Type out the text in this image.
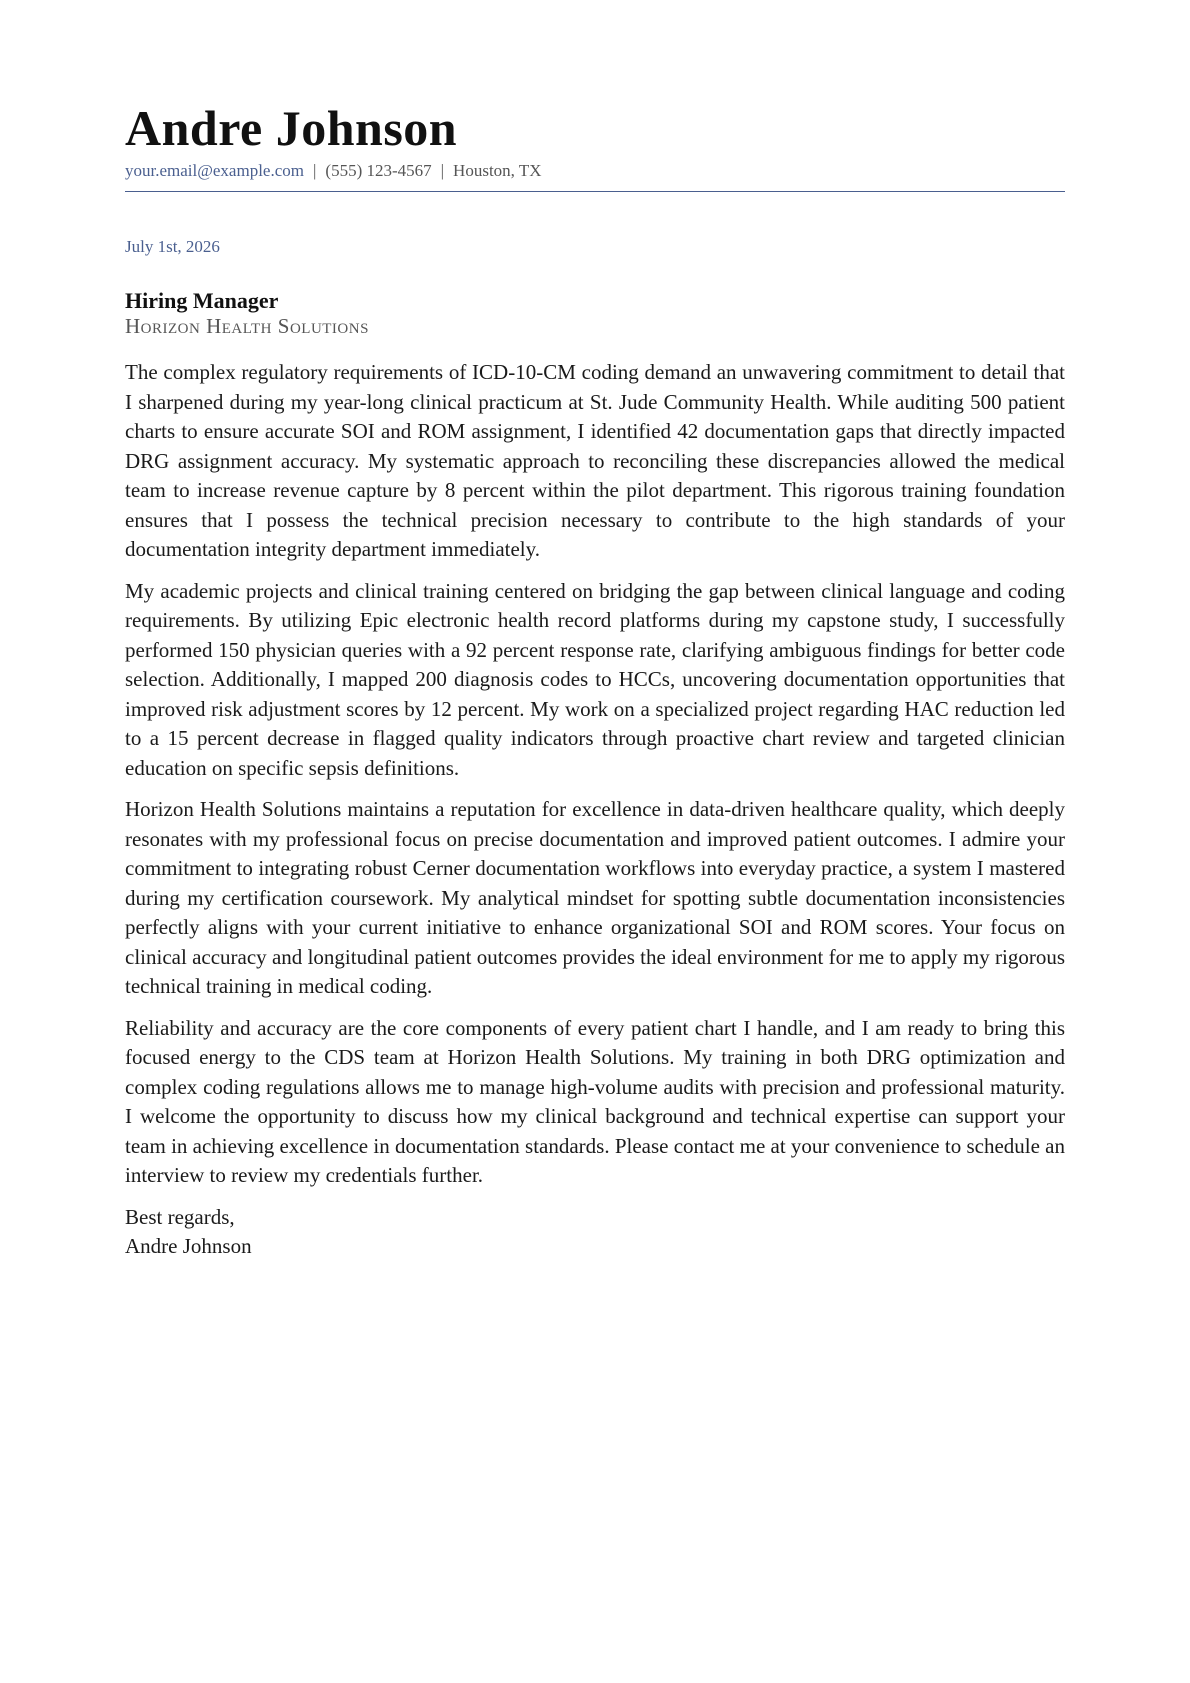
Andre Johnson
your.email@example.com | (555) 123-4567 | Houston, TX
July 1st, 2026
Hiring Manager
Horizon Health Solutions

The complex regulatory requirements of ICD-10-CM coding demand an unwavering commitment to detail that I sharpened during my year-long clinical practicum at St. Jude Community Health. While auditing 500 patient charts to ensure accurate SOI and ROM assignment, I identified 42 documentation gaps that directly impacted DRG assignment accuracy. My systematic approach to reconciling these discrepancies allowed the medical team to increase revenue capture by 8 percent within the pilot department. This rigorous training foundation ensures that I possess the technical precision necessary to contribute to the high standards of your documentation integrity department immediately.

My academic projects and clinical training centered on bridging the gap between clinical language and coding requirements. By utilizing Epic electronic health record platforms during my capstone study, I successfully performed 150 physician queries with a 92 percent response rate, clarifying ambiguous findings for better code selection. Additionally, I mapped 200 diagnosis codes to HCCs, uncovering documentation opportunities that improved risk adjustment scores by 12 percent. My work on a specialized project regarding HAC reduction led to a 15 percent decrease in flagged quality indicators through proactive chart review and targeted clinician education on specific sepsis definitions.

Horizon Health Solutions maintains a reputation for excellence in data-driven healthcare quality, which deeply resonates with my professional focus on precise documentation and improved patient outcomes. I admire your commitment to integrating robust Cerner documentation workflows into everyday practice, a system I mastered during my certification coursework. My analytical mindset for spotting subtle documentation inconsistencies perfectly aligns with your current initiative to enhance organizational SOI and ROM scores. Your focus on clinical accuracy and longitudinal patient outcomes provides the ideal environment for me to apply my rigorous technical training in medical coding.

Reliability and accuracy are the core components of every patient chart I handle, and I am ready to bring this focused energy to the CDS team at Horizon Health Solutions. My training in both DRG optimization and complex coding regulations allows me to manage high-volume audits with precision and professional maturity. I welcome the opportunity to discuss how my clinical background and technical expertise can support your team in achieving excellence in documentation standards. Please contact me at your convenience to schedule an interview to review my credentials further.

Best regards,
Andre Johnson
